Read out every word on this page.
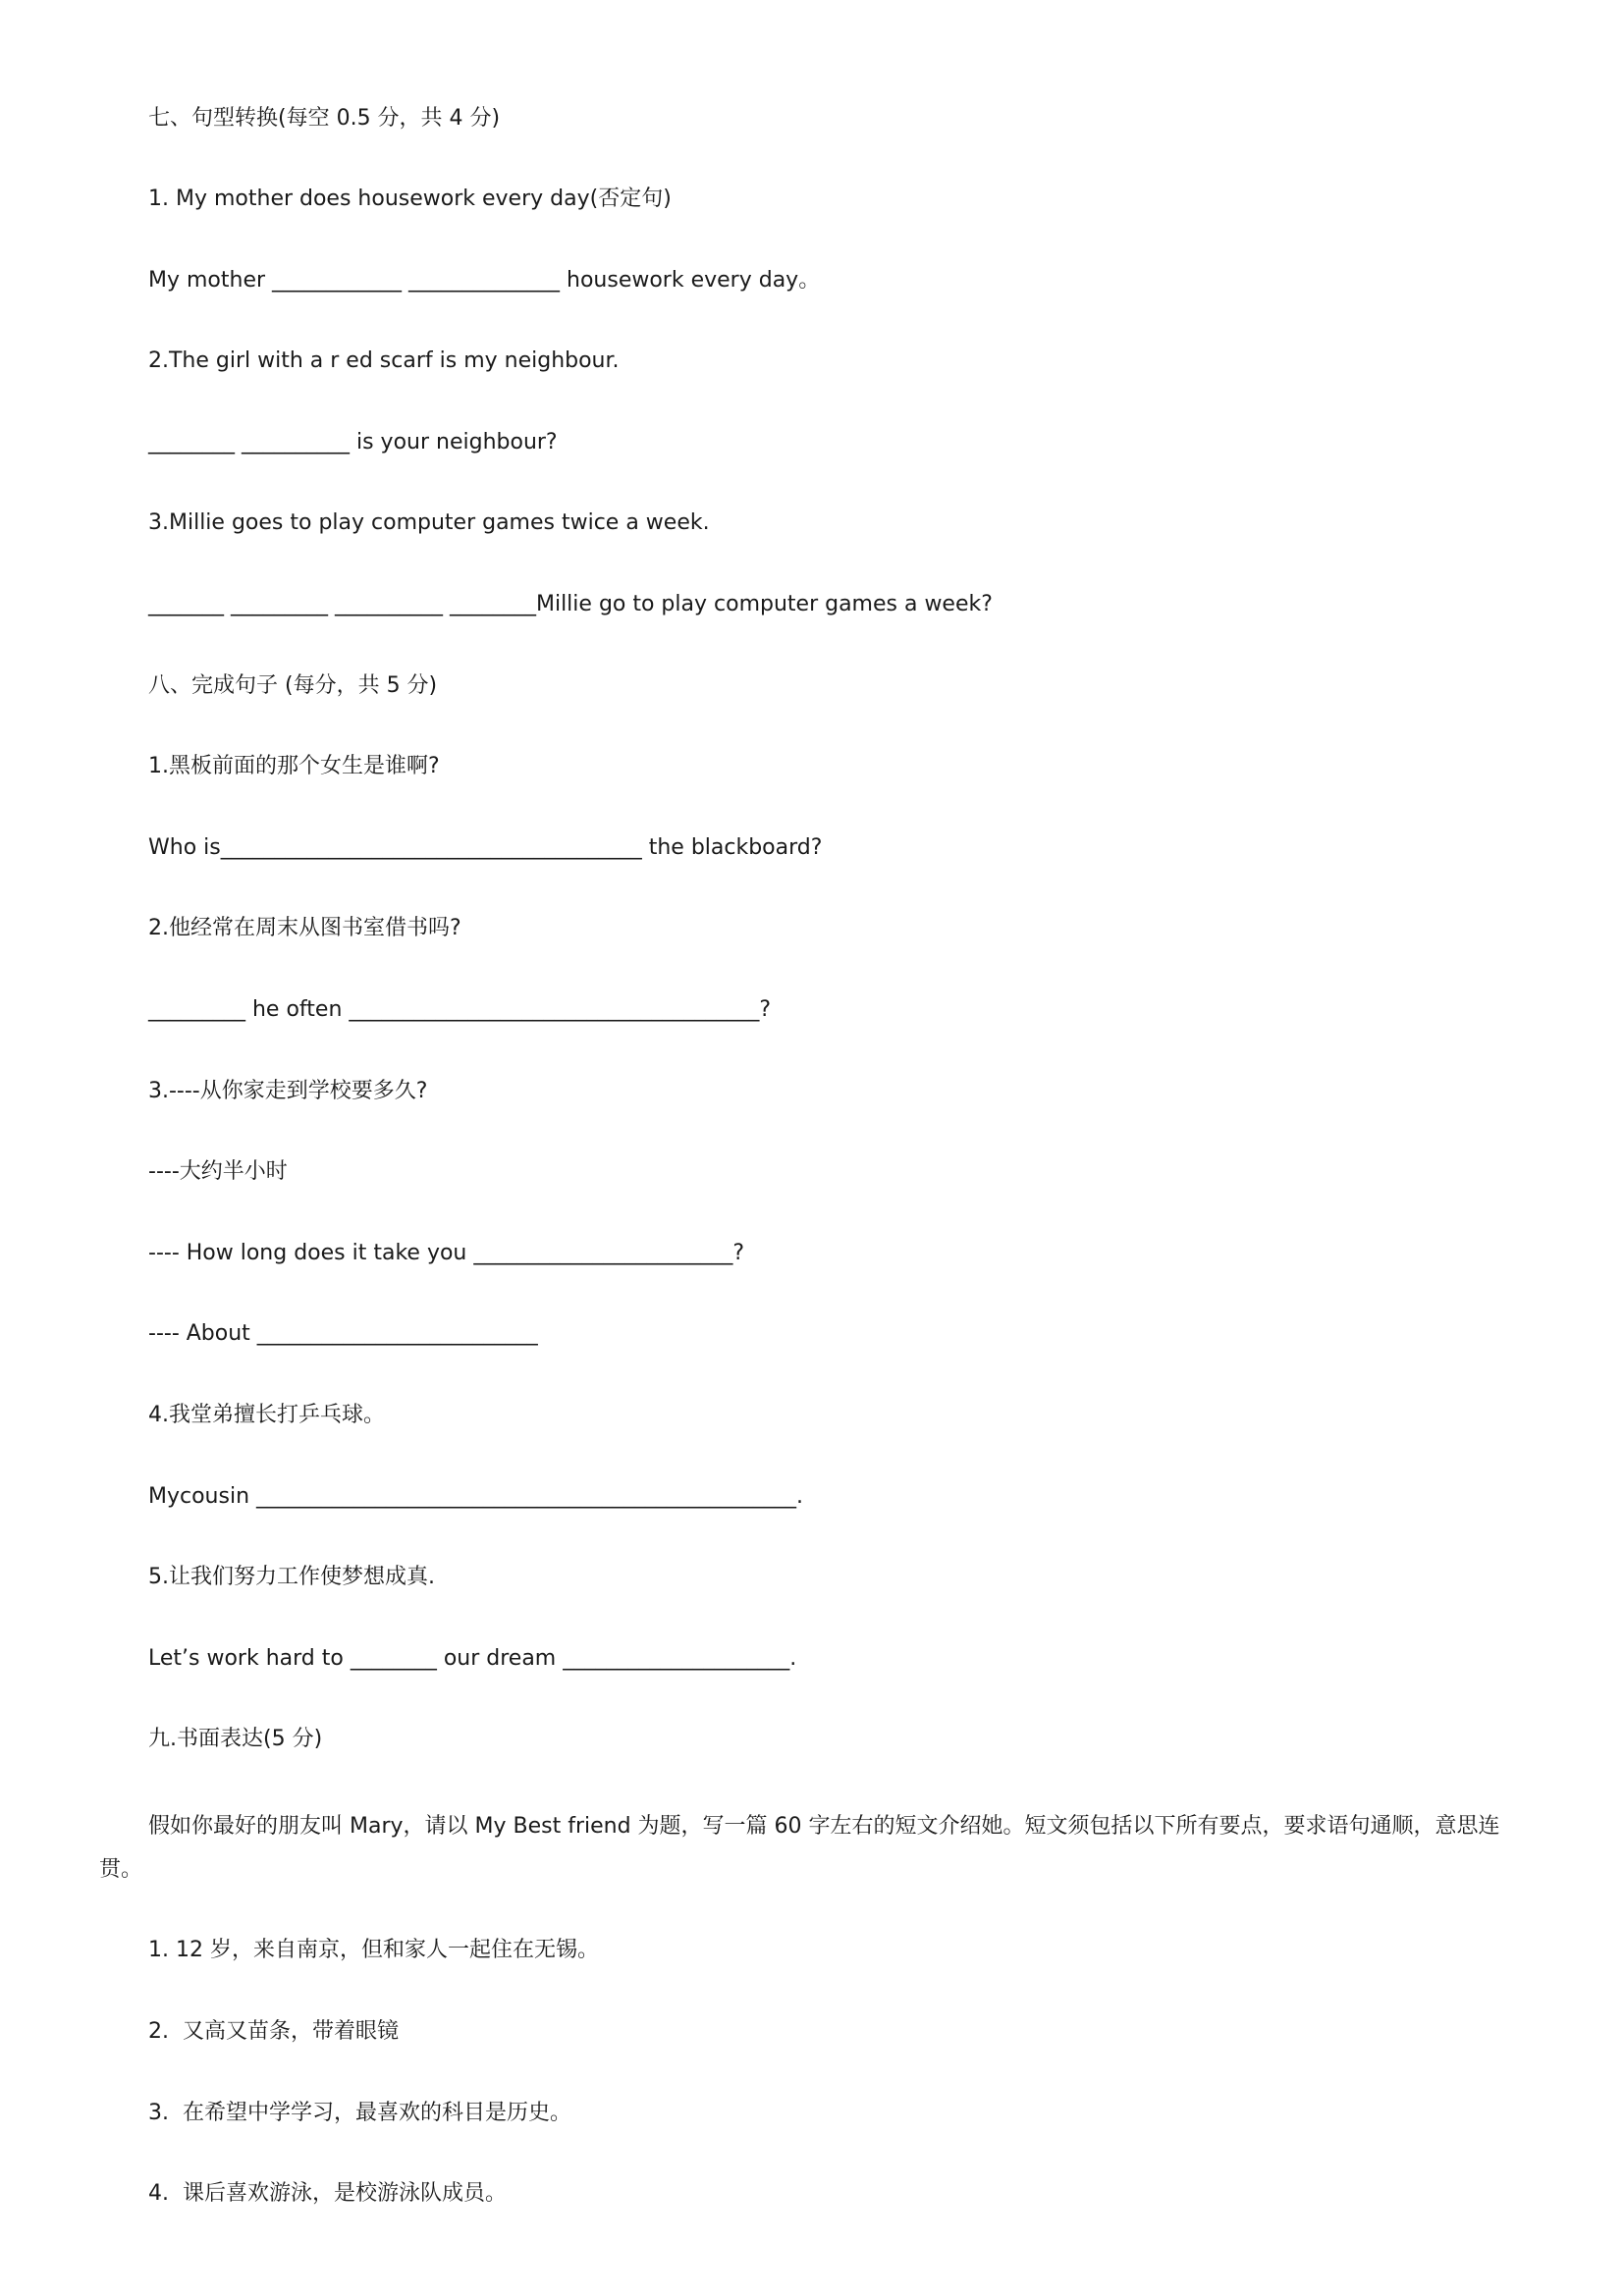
七、句型转换(每空 0.5 分，共 4 分)
1. My mother does housework every day(否定句)
My mother ____________ ______________ housework every day。
2.The girl with a r ed scarf is my neighbour.
________ __________ is your neighbour?
3.Millie goes to play computer games twice a week.
_______ _________ __________ ________Millie go to play computer games a week?
八、完成句子 (每分，共 5 分)
1.黑板前面的那个女生是谁啊?
Who is_______________________________________ the blackboard?
2.他经常在周末从图书室借书吗?
_________ he often ______________________________________?
3.----从你家走到学校要多久?
----大约半小时
---- How long does it take you ________________________?
---- About __________________________
4.我堂弟擅长打乒乓球。
Mycousin __________________________________________________.
5.让我们努力工作使梦想成真.
Let’s work hard to ________ our dream _____________________.
九.书面表达(5 分)
假如你最好的朋友叫 Mary，请以 My Best friend 为题，写一篇 60 字左右的短文介绍她。短文须包括以下所有要点，要求语句通顺，意思连贯。
1. 12 岁，来自南京，但和家人一起住在无锡。
2.  又高又苗条，带着眼镜
3.  在希望中学学习，最喜欢的科目是历史。
4.  课后喜欢游泳，是校游泳队成员。
